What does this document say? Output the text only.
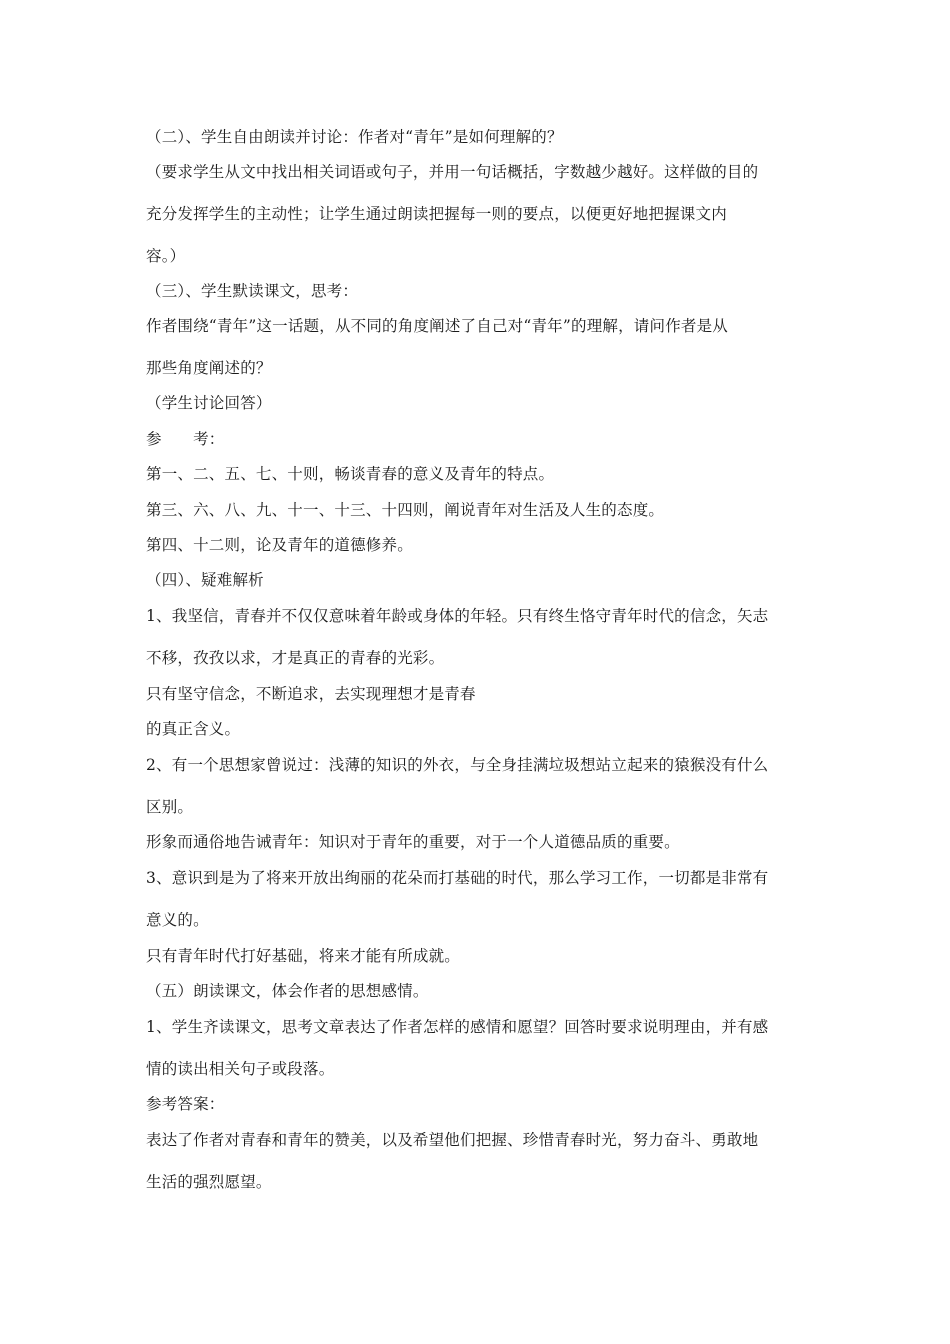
（二）、学生自由朗读并讨论：作者对“青年”是如何理解的？
（要求学生从文中找出相关词语或句子，并用一句话概括，字数越少越好。这样做的目的
充分发挥学生的主动性；让学生通过朗读把握每一则的要点，以便更好地把握课文内
容。）
（三）、学生默读课文，思考：
作者围绕“青年”这一话题，从不同的角度阐述了自己对“青年”的理解，请问作者是从
那些角度阐述的？
（学生讨论回答）
参　　考：
第一、二、五、七、十则，畅谈青春的意义及青年的特点。
第三、六、八、九、十一、十三、十四则，阐说青年对生活及人生的态度。
第四、十二则，论及青年的道德修养。
（四）、疑难解析
1、我坚信，青春并不仅仅意味着年龄或身体的年轻。只有终生恪守青年时代的信念，矢志
不移，孜孜以求，才是真正的青春的光彩。
只有坚守信念，不断追求，去实现理想才是青春
的真正含义。
2、有一个思想家曾说过：浅薄的知识的外衣，与全身挂满垃圾想站立起来的猿猴没有什么
区别。
形象而通俗地告诫青年：知识对于青年的重要，对于一个人道德品质的重要。
3、意识到是为了将来开放出绚丽的花朵而打基础的时代，那么学习工作，一切都是非常有
意义的。
只有青年时代打好基础，将来才能有所成就。
（五）朗读课文，体会作者的思想感情。
1、学生齐读课文，思考文章表达了作者怎样的感情和愿望？回答时要求说明理由，并有感
情的读出相关句子或段落。
参考答案：
表达了作者对青春和青年的赞美，以及希望他们把握、珍惜青春时光，努力奋斗、勇敢地
生活的强烈愿望。
